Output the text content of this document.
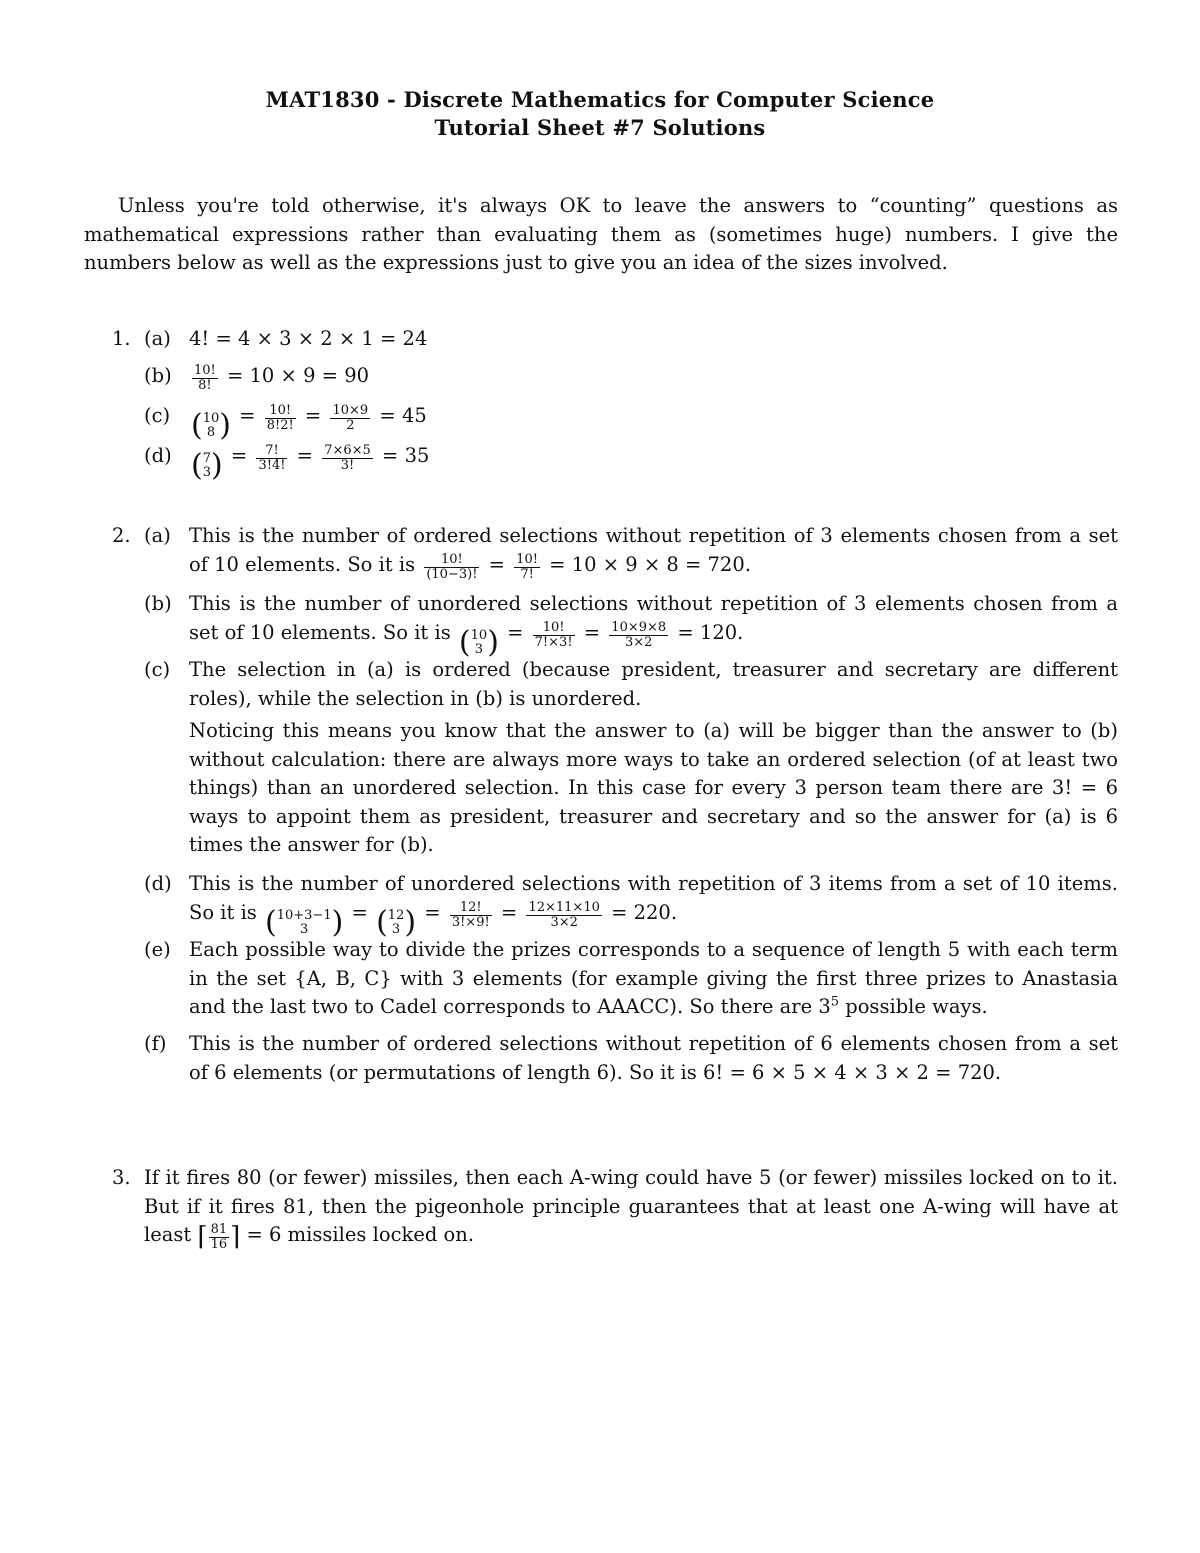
MAT1830 - Discrete Mathematics for Computer Science
Tutorial Sheet #7 Solutions

Unless you're told otherwise, it's always OK to leave the answers to “counting” questions as mathematical expressions rather than evaluating them as (sometimes huge) numbers. I give the numbers below as well as the expressions just to give you an idea of the sizes involved.

1. (a) 4! = 4 × 3 × 2 × 1 = 24
$(b) \frac{10!}{8!} = 10 \times 9 = 90$
(c) ( 10
8 ) = $\frac{10!}{8!2!} = \frac{10\times 9}{2} = 45$
(d) ( 7
3 ) = $\frac{7!}{3!4!} = \frac{7\times 6\times 5}{3!} = 35$
2. (a) This is the number of ordered selections without repetition of 3 elements chosen from a set of 10 elements. So it is $\frac{10!}{(10-3)!} = \frac{10!}{7!} = 10 \times 9 \times 8 = 720$.
(b) This is the number of unordered selections without repetition of 3 elements chosen from a set of 10 elements. So it is ( 10
3 ) = $\frac{10!}{7!\times 3!} = \frac{10\times 9\times 8}{3\times 2} = 120$.
(c) The selection in (a) is ordered (because president, treasurer and secretary are different roles), while the selection in (b) is unordered.
Noticing this means you know that the answer to (a) will be bigger than the answer to (b) without calculation: there are always more ways to take an ordered selection (of at least two things) than an unordered selection. In this case for every 3 person team there are 3! = 6 ways to appoint them as president, treasurer and secretary and so the answer for (a) is 6 times the answer for (b).
(d) This is the number of unordered selections with repetition of 3 items from a set of 10 items. So it is ( 10+3−1
3 ) = ( 12
3 ) = $\frac{12!}{3!\times 9!} = \frac{12\times 11\times 10}{3\times 2} = 220$.
(e) Each possible way to divide the prizes corresponds to a sequence of length 5 with each term in the set {A, B, C} with 3 elements (for example giving the first three prizes to Anastasia and the last two to Cadel corresponds to AAACC). So there are $3^5$ possible ways.
(f) This is the number of ordered selections without repetition of 6 elements chosen from a set of 6 elements (or permutations of length 6). So it is 6! = 6 × 5 × 4 × 3 × 2 = 720.
3. If it fires 80 (or fewer) missiles, then each A-wing could have 5 (or fewer) missiles locked on to it. But if it fires 81, then the pigeonhole principle guarantees that at least one A-wing will have at least ⌈ $\frac{81}{16}$ ⌉ = 6 missiles locked on.
